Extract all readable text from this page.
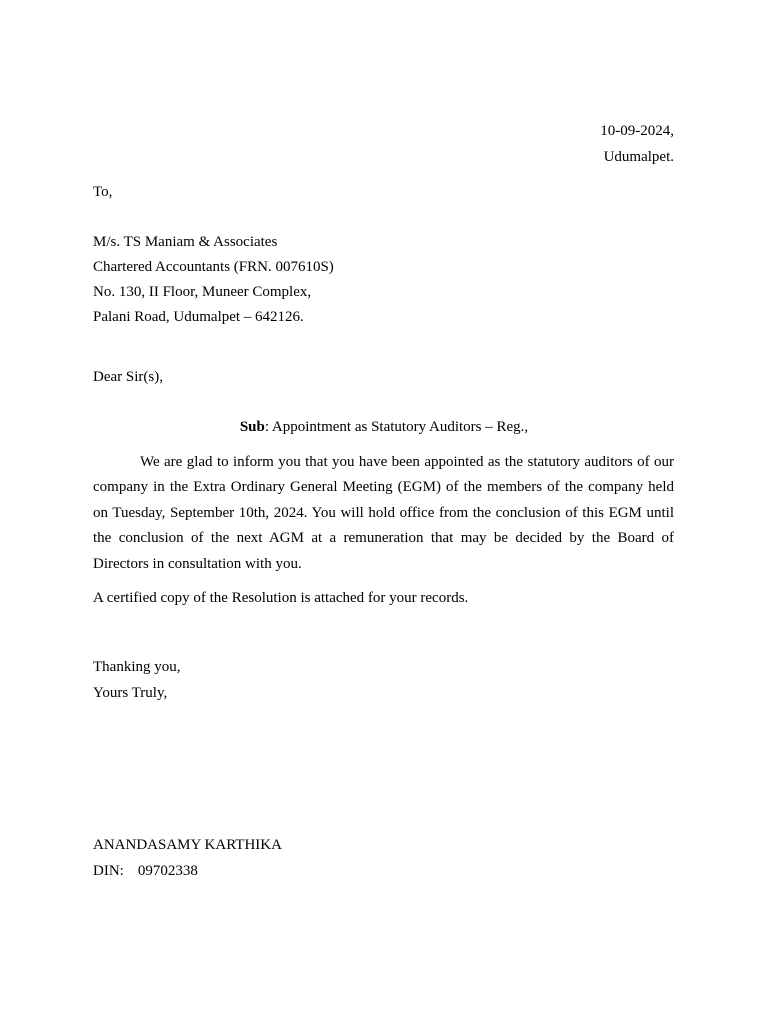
10-09-2024,
Udumalpet.
To,
M/s. TS Maniam & Associates
Chartered Accountants (FRN. 007610S)
No. 130, II Floor, Muneer Complex,
Palani Road, Udumalpet – 642126.
Dear Sir(s),
Sub: Appointment as Statutory Auditors – Reg.,
We are glad to inform you that you have been appointed as the statutory auditors of our company in the Extra Ordinary General Meeting (EGM) of the members of the company held on Tuesday, September 10th, 2024. You will hold office from the conclusion of this EGM until the conclusion of the next AGM at a remuneration that may be decided by the Board of Directors in consultation with you.
A certified copy of the Resolution is attached for your records.
Thanking you,
Yours Truly,
ANANDASAMY KARTHIKA
DIN: 09702338
